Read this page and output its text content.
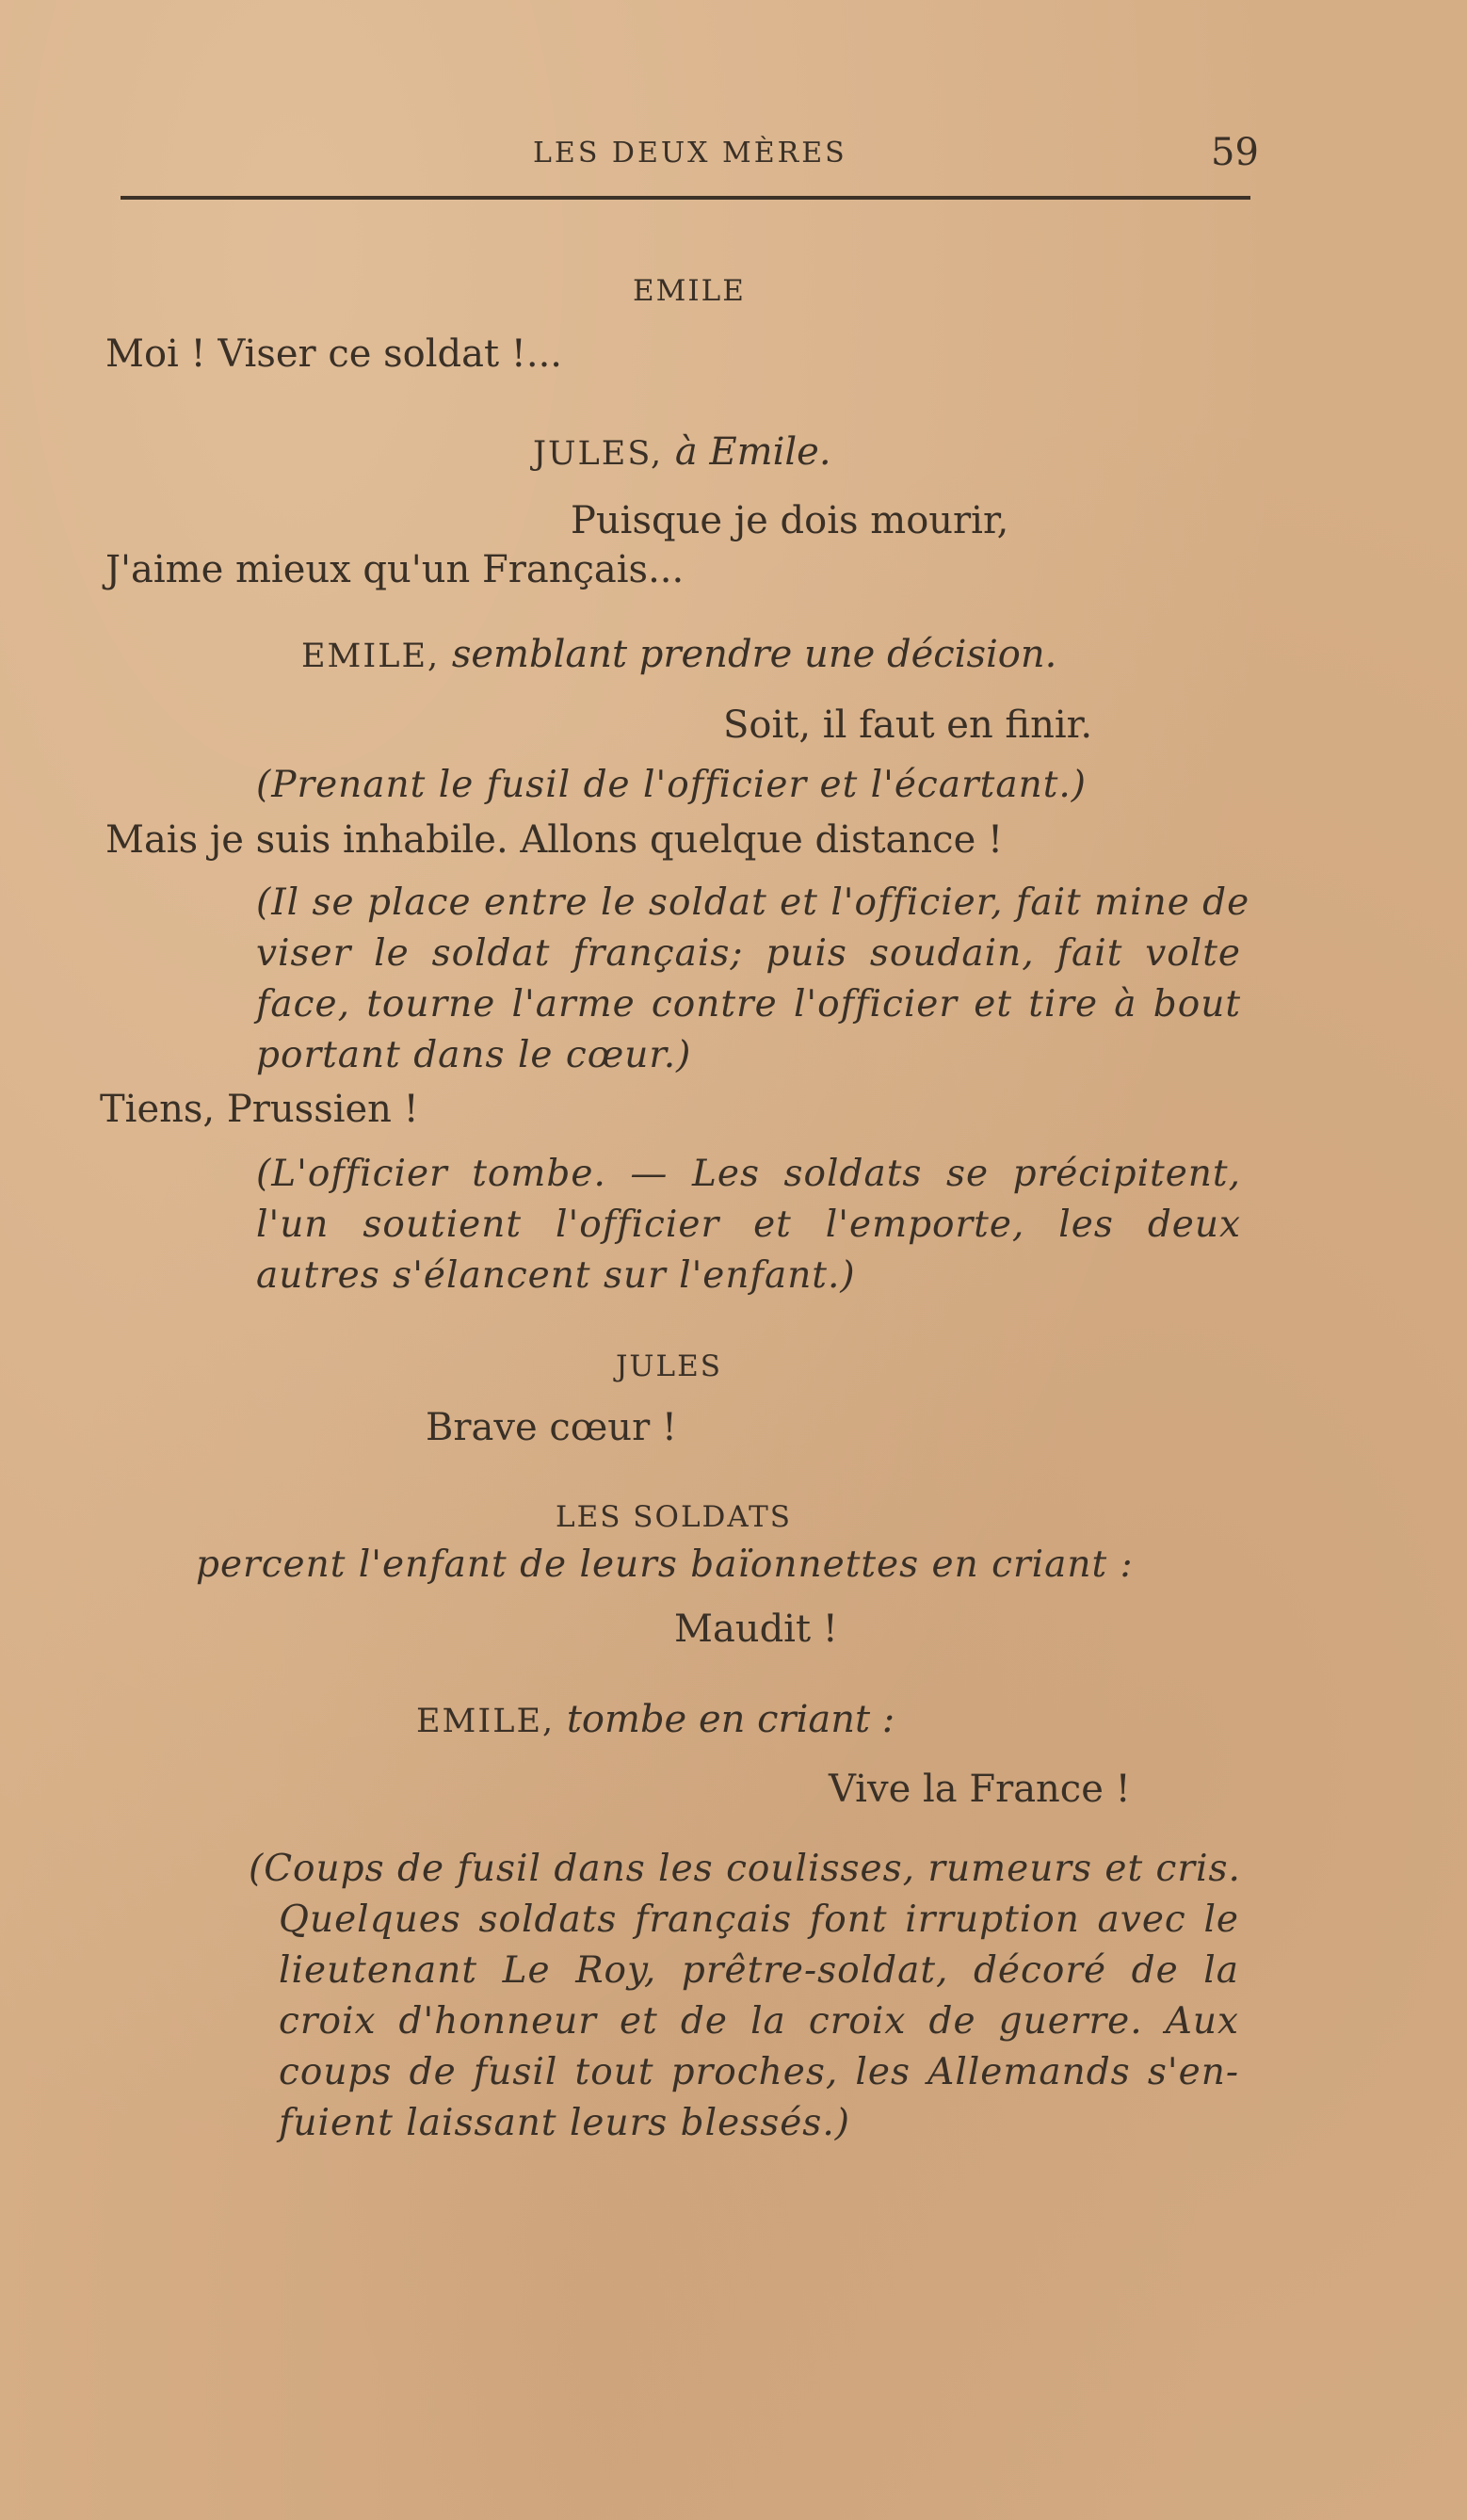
LES DEUX MÈRES	59
EMILE
Moi ! Viser ce soldat !...
JULES, à Emile.
Puisque je dois mourir,
J'aime mieux qu'un Français...
EMILE, semblant prendre une décision.
Soit, il faut en finir.
(Prenant le fusil de l'officier et l'écartant.)
Mais je suis inhabile. Allons quelque distance !
(Il se place entre le soldat et l'officier, fait mine de
viser le soldat français; puis soudain, fait volte
face, tourne l'arme contre l'officier et tire à bout
portant dans le cœur.)
Tiens, Prussien !
(L'officier tombe. — Les soldats se précipitent,
l'un soutient l'officier et l'emporte, les deux
autres s'élancent sur l'enfant.)
JULES
Brave cœur !
LES SOLDATS
percent l'enfant de leurs baïonnettes en criant :
Maudit !
EMILE, tombe en criant :
Vive la France !
(Coups de fusil dans les coulisses, rumeurs et cris.
Quelques soldats français font irruption avec le
lieutenant Le Roy, prêtre-soldat, décoré de la
croix d'honneur et de la croix de guerre. Aux
coups de fusil tout proches, les Allemands s'en-
fuient laissant leurs blessés.)
